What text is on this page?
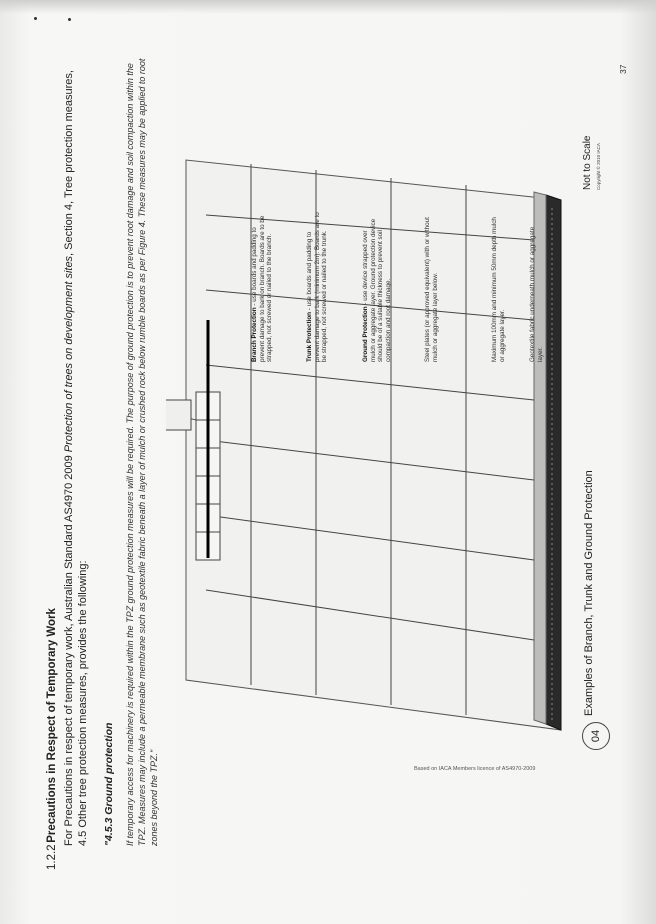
1.2.2 Precautions in Respect of Temporary Work For Precautions in respect of temporary work, Australian Standard AS4970 2009 Protection of trees on development sites, Section 4, Tree protection measures, 4.5 Other tree protection measures, provides the following: "4.5.3 Ground protection If temporary access for machinery is required within the TPZ ground protection measures will be required. The purpose of ground protection is to prevent root damage and soil compaction within the TPZ. Measures may include a permeable membrane such as geotextile fabric beneath a layer of mulch or crushed rock below rumble boards as per Figure 4. These measures may be applied to root zones beyond the TPZ."	Based on IACA Members licence of AS4970-2009
Branch Protection - use boards and padding to prevent damage to bark on branch. Boards are to be strapped, not screwed or nailed to the branch.	Trunk Protection - use boards and padding to prevent damage to bark (minimum 2m). Boards are to be strapped, not screwed or nailed to the trunk.	Ground Protection - use device strapped over mulch or aggregate layer. Ground protection device should be of a suitable thickness to prevent soil compaction and root damage.	Steel plates (or approved equivalent) with or without mulch or aggregate layer below.	Maximum 100mm and minimum 50mm depth mulch or aggregate layer.	Geotextile fabric underneath mulch or aggregate layer.
04
Examples of Branch, Trunk and Ground Protection
Not to Scale Copyright © 2010 IACA
37
